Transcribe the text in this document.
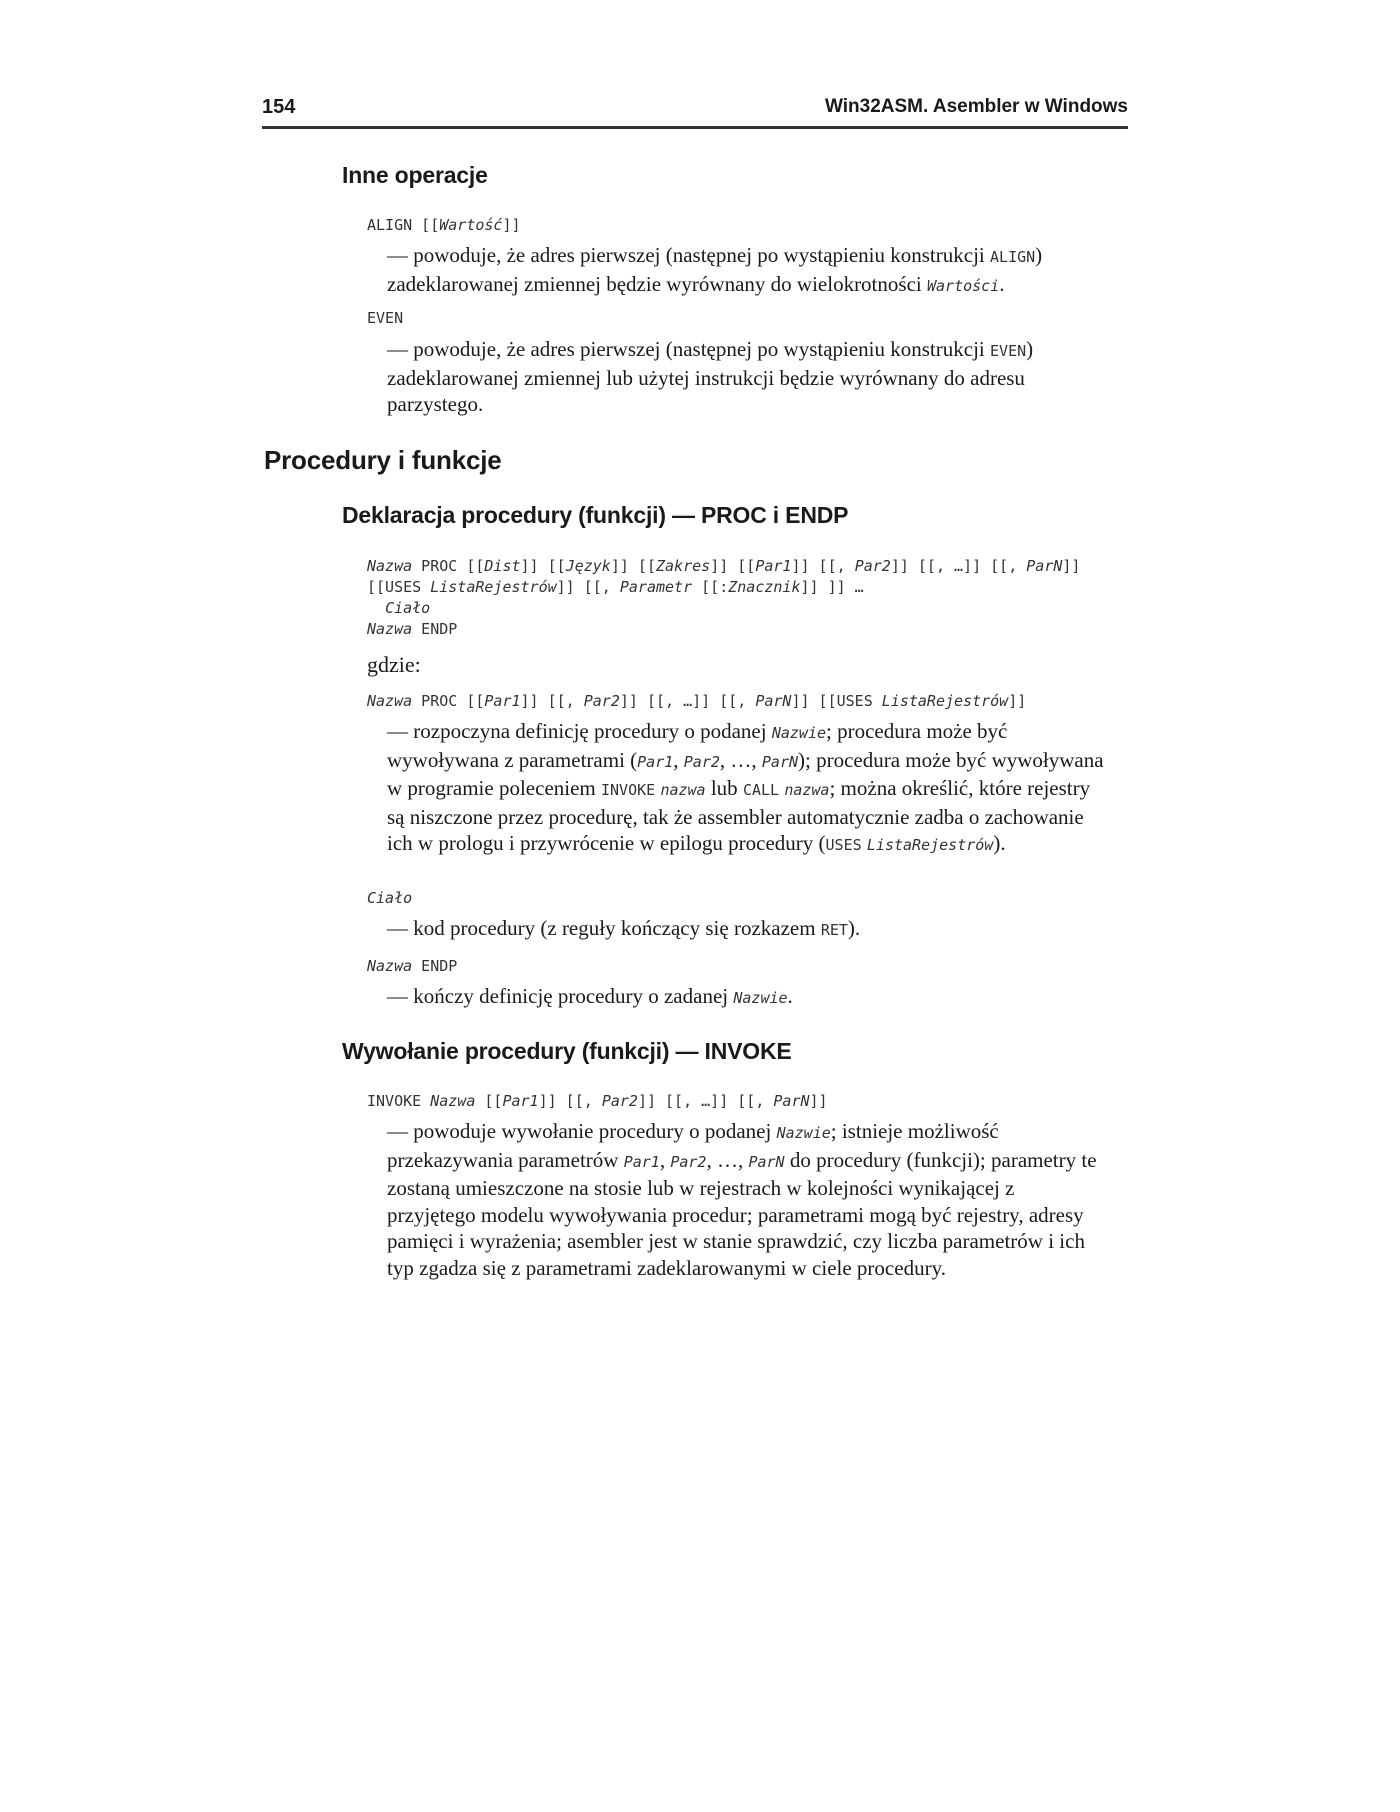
154	Win32ASM. Asembler w Windows
Inne operacje
ALIGN [[Wartość]]
— powoduje, że adres pierwszej (następnej po wystąpieniu konstrukcji ALIGN) zadeklarowanej zmiennej będzie wyrównany do wielokrotności Wartości.
EVEN
— powoduje, że adres pierwszej (następnej po wystąpieniu konstrukcji EVEN) zadeklarowanej zmiennej lub użytej instrukcji będzie wyrównany do adresu parzystego.
Procedury i funkcje
Deklaracja procedury (funkcji) — PROC i ENDP
Nazwa PROC [[Dist]] [[Język]] [[Zakres]] [[Par1]] [[, Par2]] [[, …]] [[, ParN]]
[[USES ListaRejestrów]] [[, Parametr [[:Znacznik]] ]] …
Ciało
Nazwa ENDP
gdzie:
Nazwa PROC [[Par1]] [[, Par2]] [[, …]] [[, ParN]] [[USES ListaRejestrów]]
— rozpoczyna definicję procedury o podanej Nazwie; procedura może być wywoływana z parametrami (Par1, Par2, …, ParN); procedura może być wywoływana w programie poleceniem INVOKE nazwa lub CALL nazwa; można określić, które rejestry są niszczone przez procedurę, tak że assembler automatycznie zadba o zachowanie ich w prologu i przywrócenie w epilogu procedury (USES ListaRejestrów).
Ciało
— kod procedury (z reguły kończący się rozkazem RET).
Nazwa ENDP
— kończy definicję procedury o zadanej Nazwie.
Wywołanie procedury (funkcji) — INVOKE
INVOKE Nazwa [[Par1]] [[, Par2]] [[, …]] [[, ParN]]
— powoduje wywołanie procedury o podanej Nazwie; istnieje możliwość przekazywania parametrów Par1, Par2, …, ParN do procedury (funkcji); parametry te zostaną umieszczone na stosie lub w rejestrach w kolejności wynikającej z przyjętego modelu wywoływania procedur; parametrami mogą być rejestry, adresy pamięci i wyrażenia; asembler jest w stanie sprawdzić, czy liczba parametrów i ich typ zgadza się z parametrami zadeklarowanymi w ciele procedury.
